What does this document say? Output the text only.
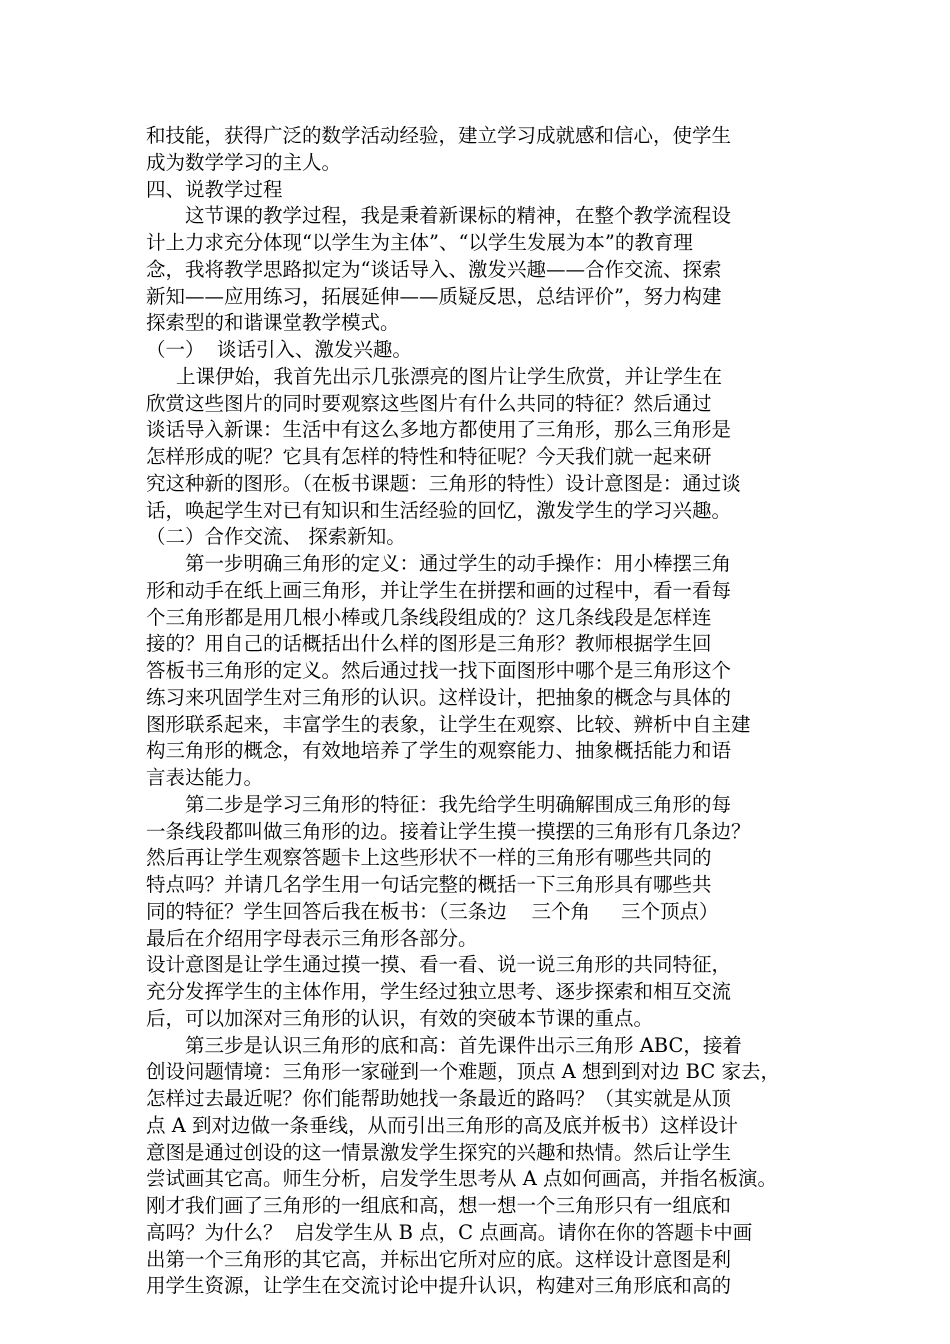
和技能，获得广泛的数学活动经验，建立学习成就感和信心，使学生
成为数学学习的主人。
四、说教学过程
这节课的教学过程，我是秉着新课标的精神，在整个教学流程设
计上力求充分体现“以学生为主体”、“以学生发展为本”的教育理
念，我将教学思路拟定为“谈话导入、激发兴趣——合作交流、探索
新知——应用练习，拓展延伸——质疑反思，总结评价”，努力构建
探索型的和谐课堂教学模式。
（一）  谈话引入、激发兴趣。
上课伊始，我首先出示几张漂亮的图片让学生欣赏，并让学生在
欣赏这些图片的同时要观察这些图片有什么共同的特征？然后通过
谈话导入新课：生活中有这么多地方都使用了三角形，那么三角形是
怎样形成的呢？它具有怎样的特性和特征呢？今天我们就一起来研
究这种新的图形。（在板书课题：三角形的特性）设计意图是：通过谈
话，唤起学生对已有知识和生活经验的回忆，激发学生的学习兴趣。
（二）合作交流、 探索新知。
第一步明确三角形的定义：通过学生的动手操作：用小棒摆三角
形和动手在纸上画三角形，并让学生在拼摆和画的过程中，看一看每
个三角形都是用几根小棒或几条线段组成的？这几条线段是怎样连
接的？用自己的话概括出什么样的图形是三角形？教师根据学生回
答板书三角形的定义。然后通过找一找下面图形中哪个是三角形这个
练习来巩固学生对三角形的认识。这样设计，把抽象的概念与具体的
图形联系起来，丰富学生的表象，让学生在观察、比较、辨析中自主建
构三角形的概念，有效地培养了学生的观察能力、抽象概括能力和语
言表达能力。
第二步是学习三角形的特征：我先给学生明确解围成三角形的每
一条线段都叫做三角形的边。接着让学生摸一摸摆的三角形有几条边？
然后再让学生观察答题卡上这些形状不一样的三角形有哪些共同的
特点吗？并请几名学生用一句话完整的概括一下三角形具有哪些共
同的特征？学生回答后我在板书：（三条边    三个角     三个顶点）
最后在介绍用字母表示三角形各部分。
设计意图是让学生通过摸一摸、看一看、说一说三角形的共同特征，
充分发挥学生的主体作用，学生经过独立思考、逐步探索和相互交流
后，可以加深对三角形的认识，有效的突破本节课的重点。
第三步是认识三角形的底和高：首先课件出示三角形 ABC，接着
创设问题情境：三角形一家碰到一个难题，顶点 A 想到到对边 BC 家去，
怎样过去最近呢？你们能帮助她找一条最近的路吗？（其实就是从顶
点 A 到对边做一条垂线，从而引出三角形的高及底并板书）这样设计
意图是通过创设的这一情景激发学生探究的兴趣和热情。然后让学生
尝试画其它高。师生分析，启发学生思考从 A 点如何画高，并指名板演。
刚才我们画了三角形的一组底和高，想一想一个三角形只有一组底和
高吗？为什么？  启发学生从 B 点，C 点画高。请你在你的答题卡中画
出第一个三角形的其它高，并标出它所对应的底。这样设计意图是利
用学生资源，让学生在交流讨论中提升认识，构建对三角形底和高的
